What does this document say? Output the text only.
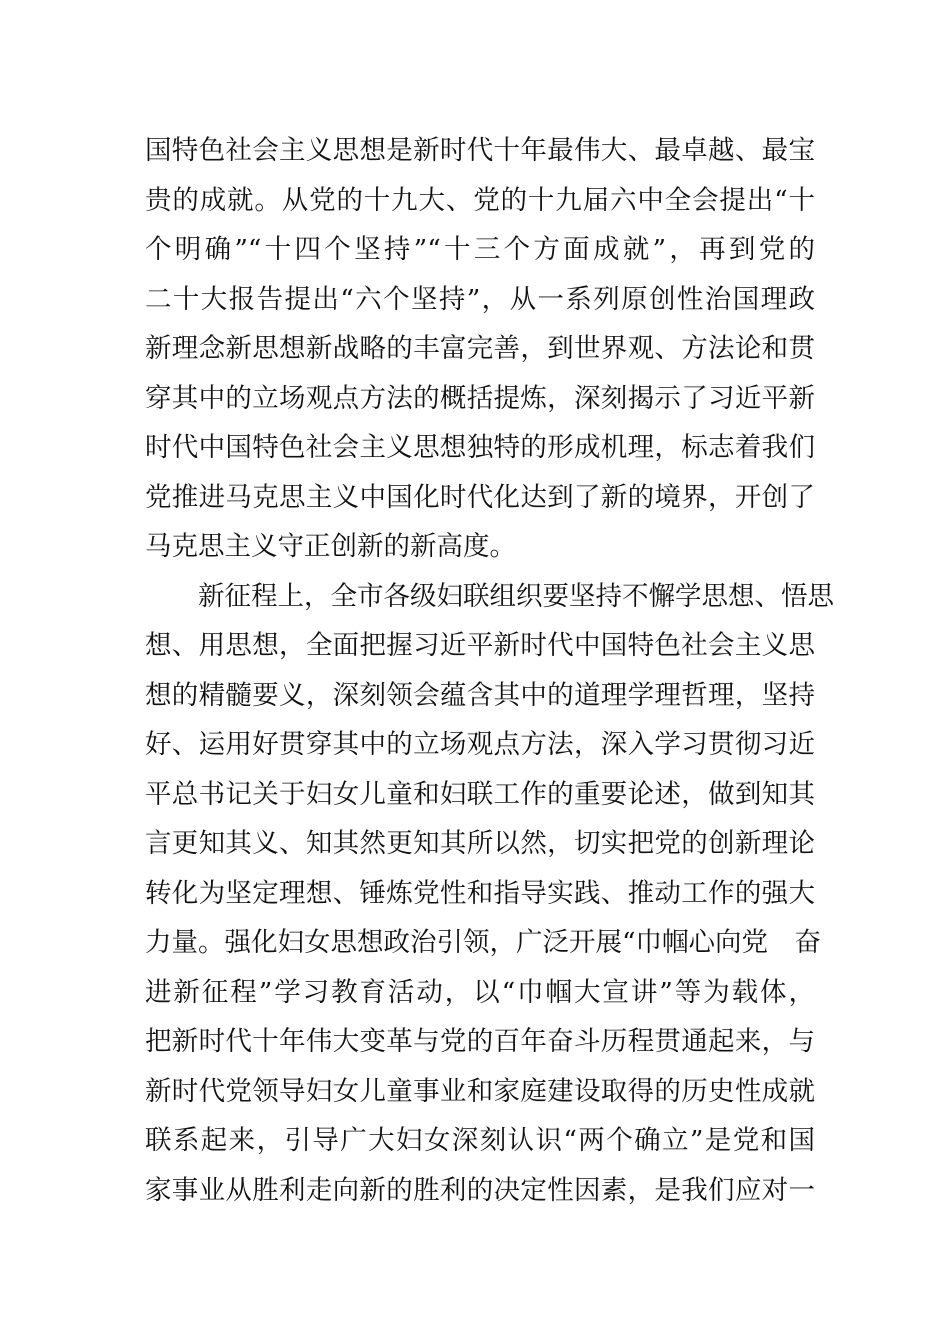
国特色社会主义思想是新时代十年最伟大、最卓越、最宝
贵的成就。从党的十九大、党的十九届六中全会提出“十
个明确”“十四个坚持”“十三个方面成就”，再到党的
二十大报告提出“六个坚持”，从一系列原创性治国理政
新理念新思想新战略的丰富完善，到世界观、方法论和贯
穿其中的立场观点方法的概括提炼，深刻揭示了习近平新
时代中国特色社会主义思想独特的形成机理，标志着我们
党推进马克思主义中国化时代化达到了新的境界，开创了
马克思主义守正创新的新高度。
　　新征程上，全市各级妇联组织要坚持不懈学思想、悟思
想、用思想，全面把握习近平新时代中国特色社会主义思
想的精髓要义，深刻领会蕴含其中的道理学理哲理，坚持
好、运用好贯穿其中的立场观点方法，深入学习贯彻习近
平总书记关于妇女儿童和妇联工作的重要论述，做到知其
言更知其义、知其然更知其所以然，切实把党的创新理论
转化为坚定理想、锤炼党性和指导实践、推动工作的强大
力量。强化妇女思想政治引领，广泛开展“巾帼心向党　奋
进新征程”学习教育活动，以“巾帼大宣讲”等为载体，
把新时代十年伟大变革与党的百年奋斗历程贯通起来，与
新时代党领导妇女儿童事业和家庭建设取得的历史性成就
联系起来，引导广大妇女深刻认识“两个确立”是党和国
家事业从胜利走向新的胜利的决定性因素，是我们应对一
